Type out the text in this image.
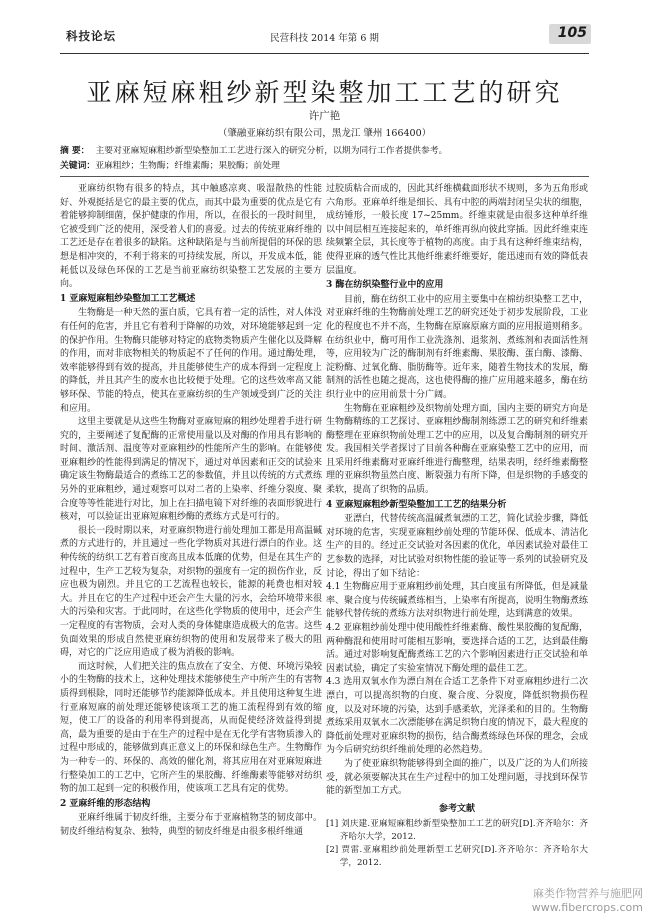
科技论坛	民营科技 2014 年第 6 期	105
亚麻短麻粗纱新型染整加工工艺的研究
许广艳
（肇融亚麻纺织有限公司，黑龙江 肇州 166400）
摘 要： 主要对亚麻短麻粗纱新型染整加工工艺进行深入的研究分析，以期为同行工作者提供参考。
关键词：亚麻粗纱；生物酶；纤维素酶；果胶酶；前处理

亚麻纺织物有很多的特点，其中触感凉爽、吸湿散热的性能好、外观挺括是它的最主要的优点，而其中最为重要的优点是它有着能够抑制细菌，保护健康的作用，所以，在很长的一段时间里，它被受到广泛的使用，深受着人们的喜爱。过去的传统亚麻纤维的工艺还是存在着很多的缺陷。这种缺陷是与当前所提倡的环保的思想是相冲突的，不利于将来的可持续发展，所以，开发成本低，能耗低以及绿色环保的工艺是当前亚麻纺织染整工艺发展的主要方向。

1 亚麻短麻粗纱染整加工工艺概述

生物酶是一种天然的蛋白质，它具有着一定的活性，对人体没有任何的危害，并且它有着利于降解的功效，对环境能够起到一定的保护作用。生物酶只能够对特定的底物类物质产生催化以及降解的作用，而对非底物相关的物质起不了任何的作用。通过酶处理，效率能够得到有效的提高，并且能够使生产的成本得到一定程度上的降低，并且其产生的废水也比较便于处理。它的这些效率高又能够环保、节能的特点，使其在亚麻纺织的生产领域受到广泛的关注和应用。

这里主要就是从这些生物酶对亚麻短麻的粗纱处理着手进行研究的，主要阐述了复配酶的正常使用量以及对酶的作用具有影响的时间、激活剂、温度等对亚麻粗纱的性能所产生的影响。在能够使亚麻粗纱的性能得到满足的情况下，通过对单因素和正交的试验来确定该生物酶最适合的煮练工艺的参数值，并且以传统的方式煮练另外的亚麻粗纱，通过观察可以对二者的上染率、纤维分裂度、聚合度等等性能进行对比，加上在扫描电镜下对纤维的表面形貌进行核对，可以验证出亚麻短麻粗纱酶的煮练方式是可行的。

很长一段时期以来，对亚麻织物进行前处理加工都是用高温碱煮的方式进行的，并且通过一些化学物质对其进行漂白的作业。这种传统的纺织工艺有着百度高且成本低廉的优势，但是在其生产的过程中，生产工艺较为复杂，对织物的强度有一定的损伤作业，反应也极为剧烈。并且它的工艺流程也较长，能源的耗费也相对较大。并且在它的生产过程中还会产生大量的污水，会给环境带来很大的污染和灾害。于此同时，在这些化学物质的使用中，还会产生一定程度的有害物质，会对人类的身体健康造成极大的危害。这些负面效果的形成自然使亚麻纺织物的使用和发展带来了极大的阻碍，对它的广泛应用造成了极为消极的影响。

而这时候，人们把关注的焦点放在了安全、方便、环境污染较小的生物酶的技术上，这种处理技术能够使生产中所产生的有害物质得到根除，同时还能够节约能源降低成本。并且使用这种复生进行亚麻短麻的前处理还能够使该项工艺的施工流程得到有效的缩短，使工厂的设备的利用率得到提高，从而促使经济效益得到提高，最为重要的是由于在生产的过程中是在无化学有害物质渗入的过程中形成的，能够做到真正意义上的环保和绿色生产。生物酶作为一种专一的、环保的、高效的催化剂，将其应用在对亚麻短麻进行整染加工的工艺中，它所产生的果胶酶、纤维酶素等能够对纺织物的加工起到一定的积极作用，使该项工艺具有定的优势。

2 亚麻纤维的形态结构

亚麻纤维属于韧皮纤维，主要分布于亚麻植物茎的韧皮部中。韧皮纤维结构复杂、独特，典型的韧皮纤维是由很多根纤维通

过胶质粘合而成的，因此其纤维横截面形状不规则，多为五角形或六角形。亚麻单纤维是细长、具有中腔的两端封闭呈尖状的细胞，成纺锤形，一般长度 17~25mm。纤维束就是由很多这种单纤维以中间层相互连接起来的，单纤维再纵向彼此穿插。因此纤维束连续频繁全层，其长度等于植物的高度。由于具有这种纤维束结构，使得亚麻的透气性比其他纤维素纤维要好，能迅速而有效的降低表层温度。

3 酶在纺织染整行业中的应用

目前，酶在纺织工业中的应用主要集中在棉纺织染整工艺中，对亚麻纤维的生物酶前处理工艺的研究还处于初步发展阶段，工业化的程度也不并不高，生物酶在原麻原麻方面的应用报道则稍多。在纺织业中，酶可用作工业洗涤剂、退浆剂、煮练剂和表面活性剂等，应用较为广泛的酶制剂有纤维素酶、果胶酶、蛋白酶、漆酶、淀粉酶、过氧化酶、脂肪酶等。近年来，随着生物技术的发展，酶制剂的活性也随之提高，这也使得酶的推广应用越来越多，酶在纺织行业中的应用前景十分广阔。

生物酶在亚麻粗纱及织物前处理方面，国内主要的研究方向是生物酶精练的工艺探讨、亚麻粗纱酶制剂练漂工艺的研究和纤维素酶整理在亚麻织物前处理工艺中的应用，以及复合酶制剂的研究开发。我国相关学者探讨了目前各种酶在亚麻染整工艺中的应用，而且采用纤维素酶对亚麻纤维进行酶整理，结果表明，经纤维素酶整理的亚麻织物虽然白度、断裂强力有所下降，但是织物的手感变的柔软，提高了织物的品质。

4 亚麻短麻粗纱新型染整加工工艺的结果分析

亚漂白，代替传统高温碱煮氧漂的工艺，简化试验步骤，降低对环境的危害，实现亚麻粗纱前处理的节能环保、低成本、清洁化生产的目的。经过正交试验对各因素的优化，单因素试验对最佳工艺参数的选择，对比试验对织物性能的验证等一系列的试验研究及讨论，得出了如下结论：

4.1 生物酶应用于亚麻粗纱前处理，其白度虽有所降低，但是减量率、聚合度与传统碱煮练相当，上染率有所提高，说明生物酶煮练能够代替传统的煮练方法对织物进行前处理，达到满意的效果。

4.2 亚麻粗纱前处理中使用酸性纤维素酶、酸性果胶酶的复配酶，两种酶混和使用时可能相互影响，要选择合适的工艺，达到最佳酶活。通过对影响复配酶煮练工艺的六个影响因素进行正交试验和单因素试验，确定了实验室情况下酶处理的最佳工艺。

4.3 选用双氧水作为漂白剂在合适工艺条件下对亚麻粗纱进行二次漂白，可以提高织物的白度、聚合度、分裂度，降低织物损伤程度，以及对环境的污染，达到手感柔软，光泽柔和的目的。生物酶煮练采用双氧水二次漂能够在满足织物白度的情况下，最大程度的降低前处理对亚麻织物的损伤，结合酶煮练绿色环保的理念，会成为今后研究纺织纤维前处理的必然趋势。

为了使亚麻织物能够得到全面的推广，以及广泛的为人们所接受，就必须要解决其在生产过程中的加工处理问题，寻找到环保节能的新型加工方式。

参考文献

[1] 刘庆建.亚麻短麻粗纱新型染整加工工艺的研究[D].齐齐哈尔：齐齐哈尔大学，2012.

[2] 贾雷.亚麻粗纱前处理新型工艺研究[D].齐齐哈尔：齐齐哈尔大学，2012.

麻类作物营养与施肥网
www.fibercrops.com
